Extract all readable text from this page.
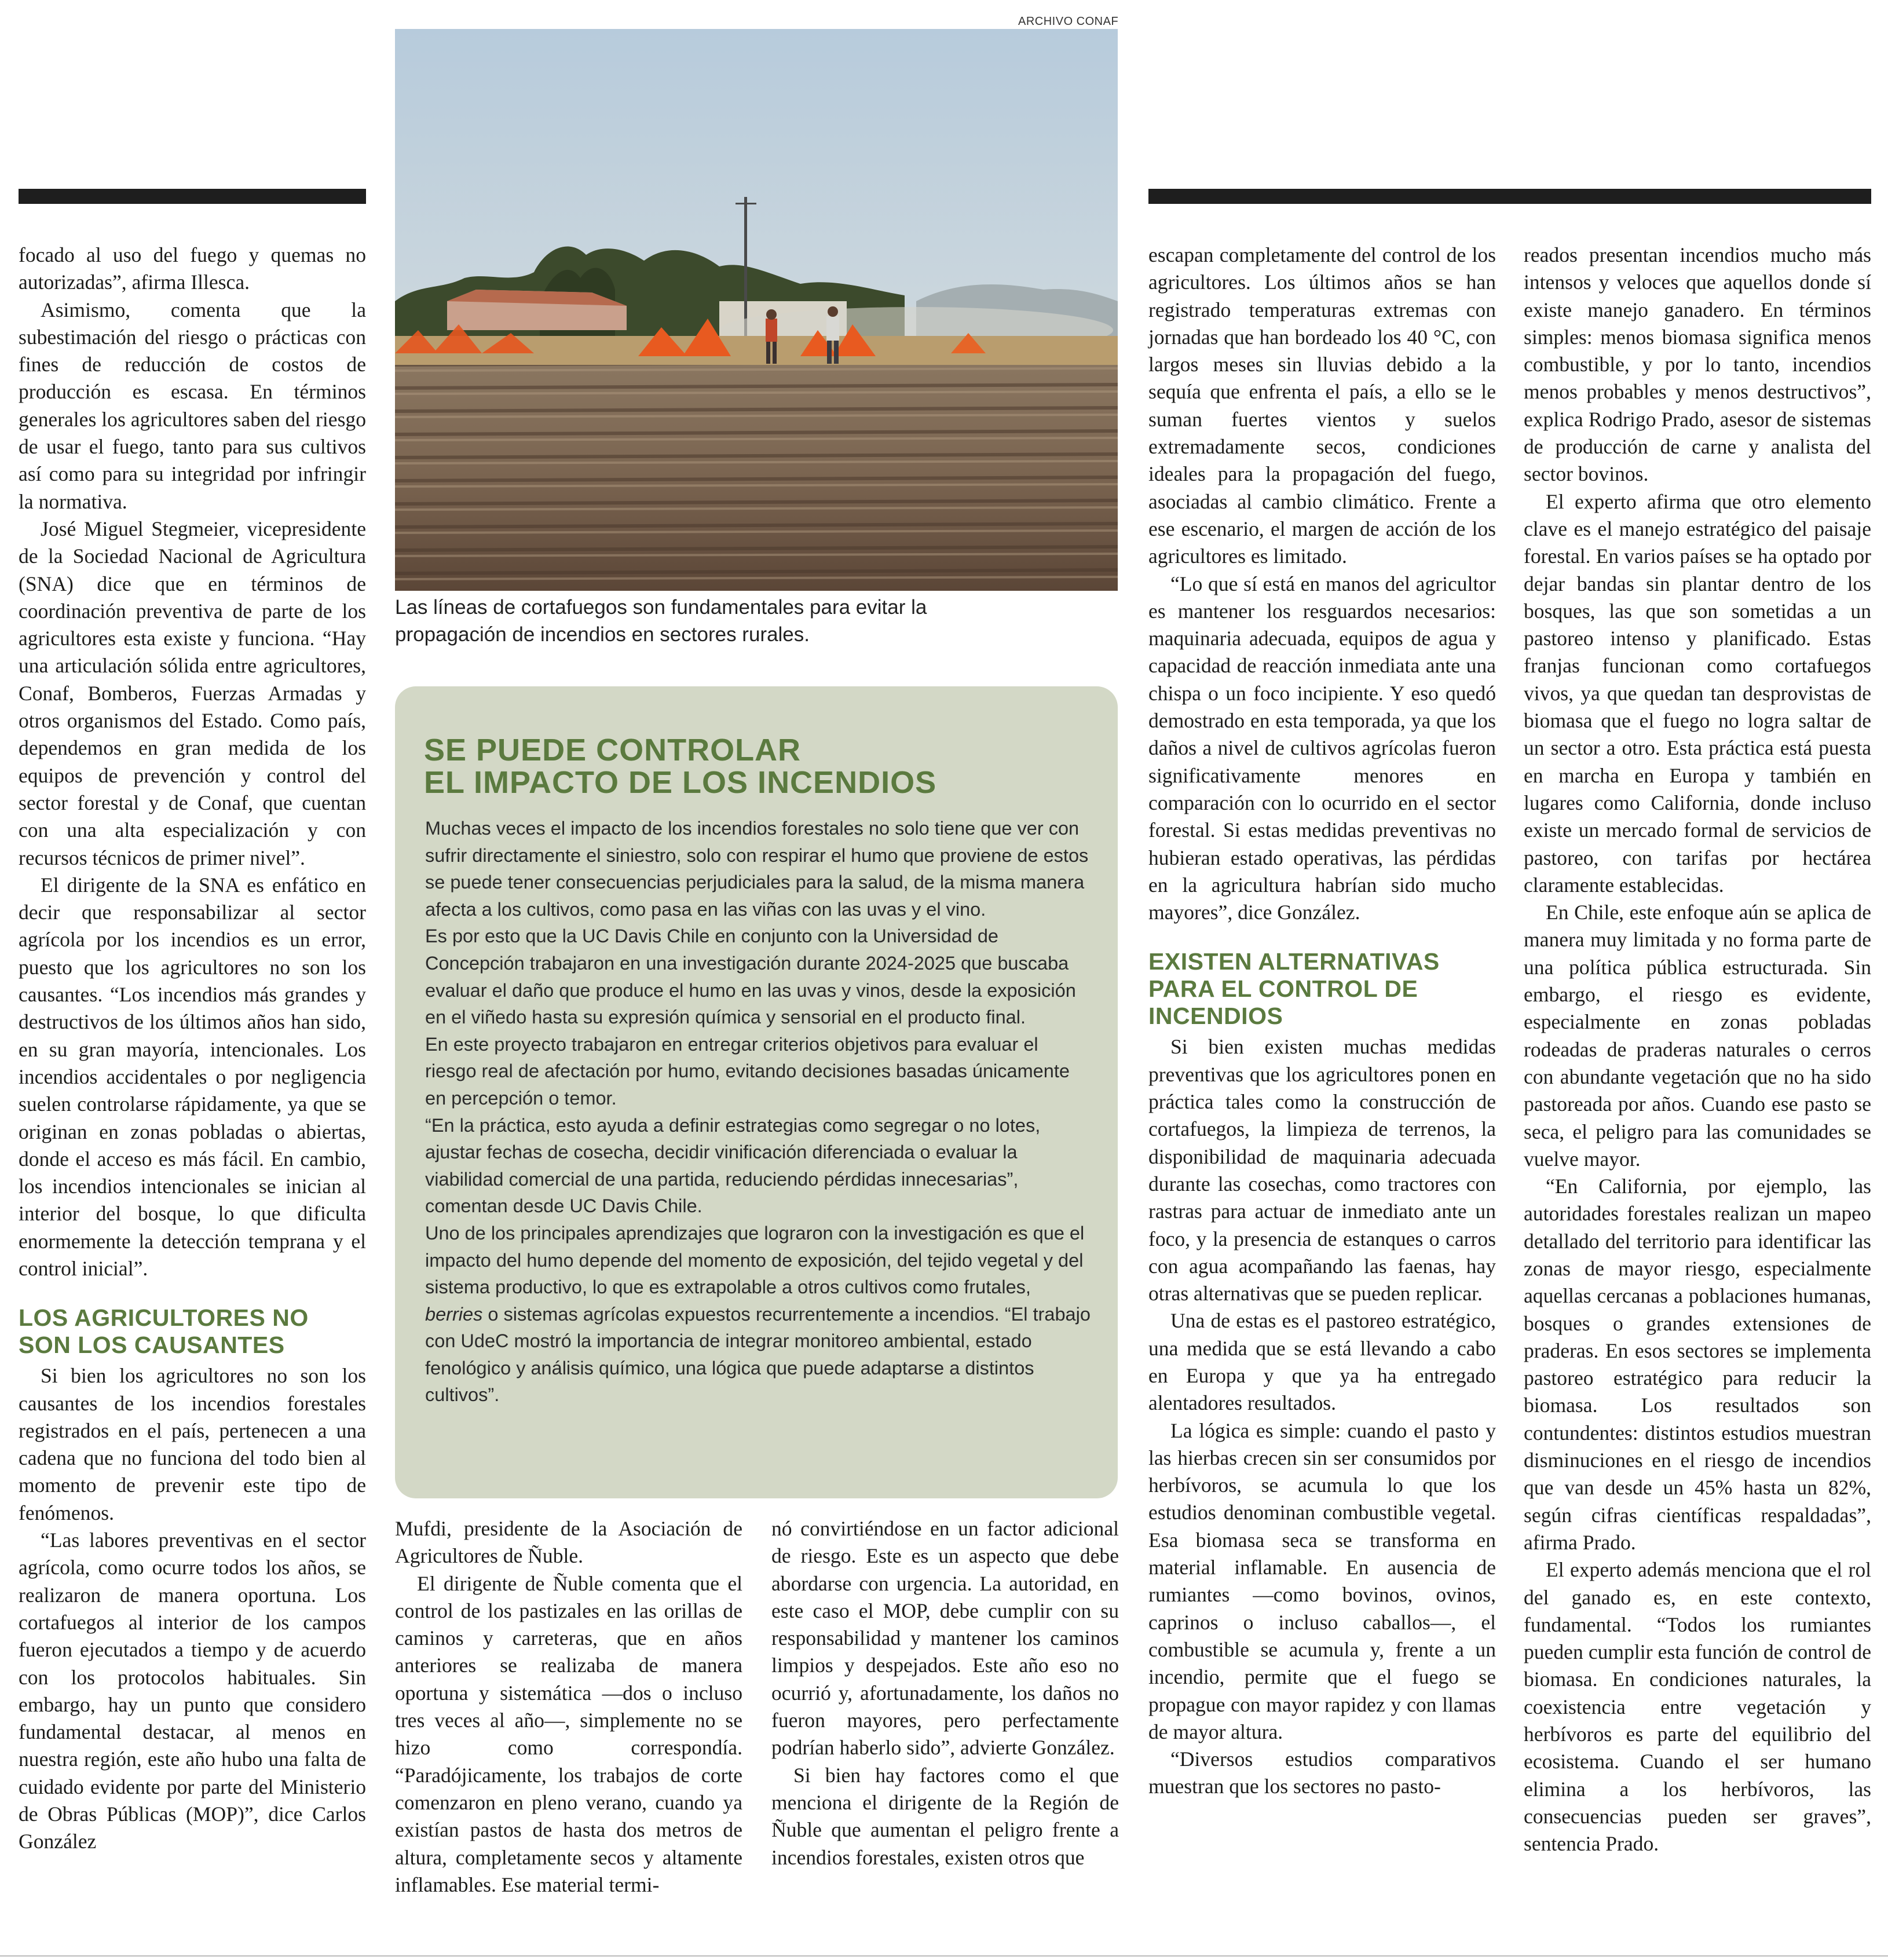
ARCHIVO CONAF
Las líneas de cortafuegos son fundamentales para evitar la
propagación de incendios en sectores rurales.

focado al uso del fuego y quemas no autorizadas”, afirma Illesca.

Asimismo, comenta que la subestimación del riesgo o prácticas con fines de reducción de costos de producción es escasa. En términos generales los agricultores saben del riesgo de usar el fuego, tanto para sus cultivos así como para su integridad por infringir la normativa.

José Miguel Stegmeier, vicepresidente de la Sociedad Nacional de Agricultura (SNA) dice que en términos de coordinación preventiva de parte de los agricultores esta existe y funciona. “Hay una articulación sólida entre agricultores, Conaf, Bomberos, Fuerzas Armadas y otros organismos del Estado. Como país, dependemos en gran medida de los equipos de prevención y control del sector forestal y de Conaf, que cuentan con una alta especialización y con recursos técnicos de primer nivel”.

El dirigente de la SNA es enfático en decir que responsabilizar al sector agrícola por los incendios es un error, puesto que los agricultores no son los causantes. “Los incendios más grandes y destructivos de los últimos años han sido, en su gran mayoría, intencionales. Los incendios accidentales o por negligencia suelen controlarse rápidamente, ya que se originan en zonas pobladas o abiertas, donde el acceso es más fácil. En cambio, los incendios intencionales se inician al interior del bosque, lo que dificulta enormemente la detección temprana y el control inicial”.

LOS AGRICULTORES NO SON LOS CAUSANTES

Si bien los agricultores no son los causantes de los incendios forestales registrados en el país, pertenecen a una cadena que no funciona del todo bien al momento de prevenir este tipo de fenómenos.

“Las labores preventivas en el sector agrícola, como ocurre todos los años, se realizaron de manera oportuna. Los cortafuegos al interior de los campos fueron ejecutados a tiempo y de acuerdo con los protocolos habituales. Sin embargo, hay un punto que considero fundamental destacar, al menos en nuestra región, este año hubo una falta de cuidado evidente por parte del Ministerio de Obras Públicas (MOP)”, dice Carlos González

SE PUEDE CONTROLAR
EL IMPACTO DE LOS INCENDIOS

Muchas veces el impacto de los incendios forestales no solo tiene que ver con sufrir directamente el siniestro, solo con respirar el humo que proviene de estos se puede tener consecuencias perjudiciales para la salud, de la misma manera afecta a los cultivos, como pasa en las viñas con las uvas y el vino.

Es por esto que la UC Davis Chile en conjunto con la Universidad de Concepción trabajaron en una investigación durante 2024-2025 que buscaba evaluar el daño que produce el humo en las uvas y vinos, desde la exposición en el viñedo hasta su expresión química y sensorial en el producto final.

En este proyecto trabajaron en entregar criterios objetivos para evaluar el riesgo real de afectación por humo, evitando decisiones basadas únicamente en percepción o temor.

“En la práctica, esto ayuda a definir estrategias como segregar o no lotes, ajustar fechas de cosecha, decidir vinificación diferenciada o evaluar la viabilidad comercial de una partida, reduciendo pérdidas innecesarias”, comentan desde UC Davis Chile.

Uno de los principales aprendizajes que lograron con la investigación es que el impacto del humo depende del momento de exposición, del tejido vegetal y del sistema productivo, lo que es extrapolable a otros cultivos como frutales, berries o sistemas agrícolas expuestos recurrentemente a incendios. “El trabajo con UdeC mostró la importancia de integrar monitoreo ambiental, estado fenológico y análisis químico, una lógica que puede adaptarse a distintos cultivos”.

Mufdi, presidente de la Asociación de Agricultores de Ñuble.

El dirigente de Ñuble comenta que el control de los pastizales en las orillas de caminos y carreteras, que en años anteriores se realizaba de manera oportuna y sistemática —dos o incluso tres veces al año—, simplemente no se hizo como correspondía. “Paradójicamente, los trabajos de corte comenzaron en pleno verano, cuando ya existían pastos de hasta dos metros de altura, completamente secos y altamente inflamables. Ese material termi-

nó convirtiéndose en un factor adicional de riesgo. Este es un aspecto que debe abordarse con urgencia. La autoridad, en este caso el MOP, debe cumplir con su responsabilidad y mantener los caminos limpios y despejados. Este año eso no ocurrió y, afortunadamente, los daños no fueron mayores, pero perfectamente podrían haberlo sido”, advierte González.

Si bien hay factores como el que menciona el dirigente de la Región de Ñuble que aumentan el peligro frente a incendios forestales, existen otros que

escapan completamente del control de los agricultores. Los últimos años se han registrado temperaturas extremas con jornadas que han bordeado los 40 °C, con largos meses sin lluvias debido a la sequía que enfrenta el país, a ello se le suman fuertes vientos y suelos extremadamente secos, condiciones ideales para la propagación del fuego, asociadas al cambio climático. Frente a ese escenario, el margen de acción de los agricultores es limitado.

“Lo que sí está en manos del agricultor es mantener los resguardos necesarios: maquinaria adecuada, equipos de agua y capacidad de reacción inmediata ante una chispa o un foco incipiente. Y eso quedó demostrado en esta temporada, ya que los daños a nivel de cultivos agrícolas fueron significativamente menores en comparación con lo ocurrido en el sector forestal. Si estas medidas preventivas no hubieran estado operativas, las pérdidas en la agricultura habrían sido mucho mayores”, dice González.

EXISTEN ALTERNATIVAS PARA EL CONTROL DE INCENDIOS

Si bien existen muchas medidas preventivas que los agricultores ponen en práctica tales como la construcción de cortafuegos, la limpieza de terrenos, la disponibilidad de maquinaria adecuada durante las cosechas, como tractores con rastras para actuar de inmediato ante un foco, y la presencia de estanques o carros con agua acompañando las faenas, hay otras alternativas que se pueden replicar.

Una de estas es el pastoreo estratégico, una medida que se está llevando a cabo en Europa y que ya ha entregado alentadores resultados.

La lógica es simple: cuando el pasto y las hierbas crecen sin ser consumidos por herbívoros, se acumula lo que los estudios denominan combustible vegetal. Esa biomasa seca se transforma en material inflamable. En ausencia de rumiantes —como bovinos, ovinos, caprinos o incluso caballos—, el combustible se acumula y, frente a un incendio, permite que el fuego se propague con mayor rapidez y con llamas de mayor altura.

“Diversos estudios comparativos muestran que los sectores no pasto-

reados presentan incendios mucho más intensos y veloces que aquellos donde sí existe manejo ganadero. En términos simples: menos biomasa significa menos combustible, y por lo tanto, incendios menos probables y menos destructivos”, explica Rodrigo Prado, asesor de sistemas de producción de carne y analista del sector bovinos.

El experto afirma que otro elemento clave es el manejo estratégico del paisaje forestal. En varios países se ha optado por dejar bandas sin plantar dentro de los bosques, las que son sometidas a un pastoreo intenso y planificado. Estas franjas funcionan como cortafuegos vivos, ya que quedan tan desprovistas de biomasa que el fuego no logra saltar de un sector a otro. Esta práctica está puesta en marcha en Europa y también en lugares como California, donde incluso existe un mercado formal de servicios de pastoreo, con tarifas por hectárea claramente establecidas.

En Chile, este enfoque aún se aplica de manera muy limitada y no forma parte de una política pública estructurada. Sin embargo, el riesgo es evidente, especialmente en zonas pobladas rodeadas de praderas naturales o cerros con abundante vegetación que no ha sido pastoreada por años. Cuando ese pasto se seca, el peligro para las comunidades se vuelve mayor.

“En California, por ejemplo, las autoridades forestales realizan un mapeo detallado del territorio para identificar las zonas de mayor riesgo, especialmente aquellas cercanas a poblaciones humanas, bosques o grandes extensiones de praderas. En esos sectores se implementa pastoreo estratégico para reducir la biomasa. Los resultados son contundentes: distintos estudios muestran disminuciones en el riesgo de incendios que van desde un 45% hasta un 82%, según cifras científicas respaldadas”, afirma Prado.

El experto además menciona que el rol del ganado es, en este contexto, fundamental. “Todos los rumiantes pueden cumplir esta función de control de biomasa. En condiciones naturales, la coexistencia entre vegetación y herbívoros es parte del equilibrio del ecosistema. Cuando el ser humano elimina a los herbívoros, las consecuencias pueden ser graves”, sentencia Prado.
